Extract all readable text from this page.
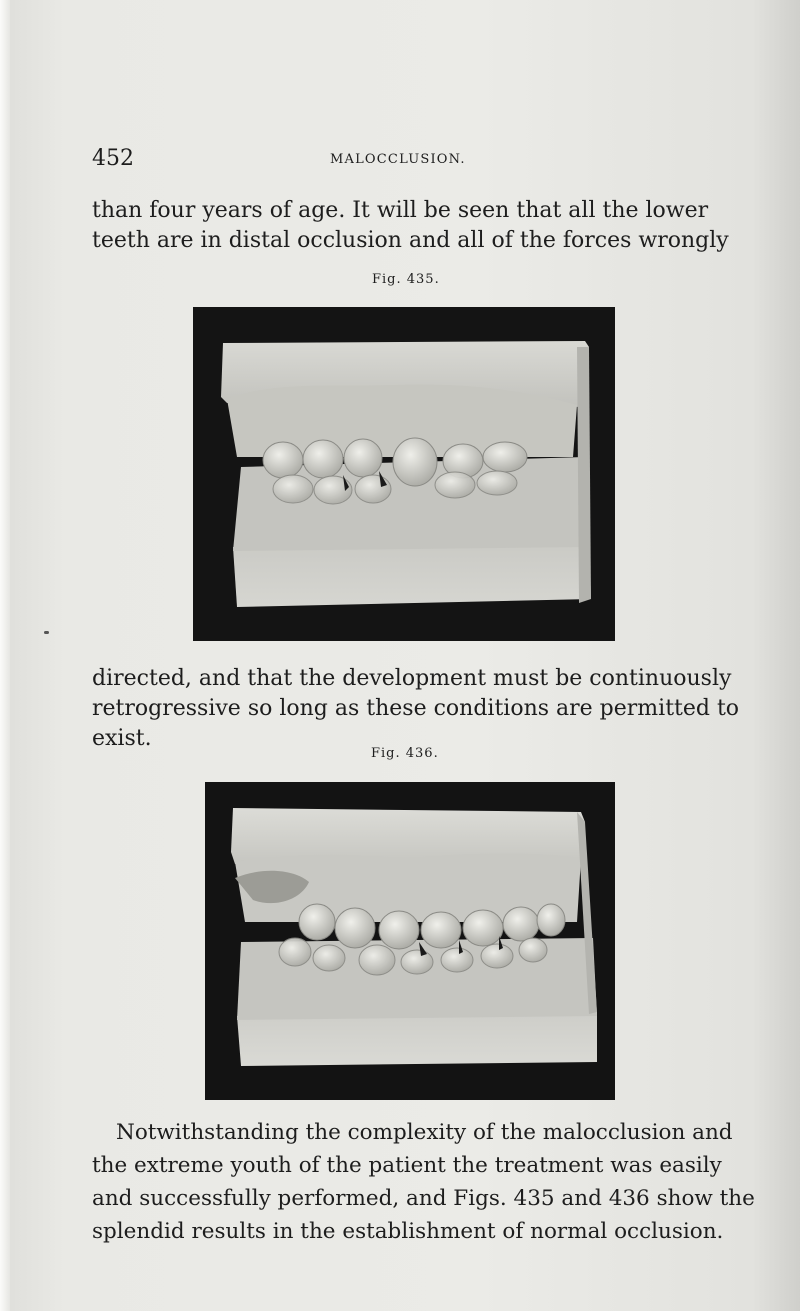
452	MALOCCLUSION.

than four years of age. It will be seen that all the lower
teeth are in distal occlusion and all of the forces wrongly

Fig. 435.

directed, and that the development must be continuously
retrogressive so long as these conditions are permitted to
exist.

Fig. 436.

Notwithstanding the complexity of the malocclusion and
the extreme youth of the patient the treatment was easily
and successfully performed, and Figs. 435 and 436 show the
splendid results in the establishment of normal occlusion.
